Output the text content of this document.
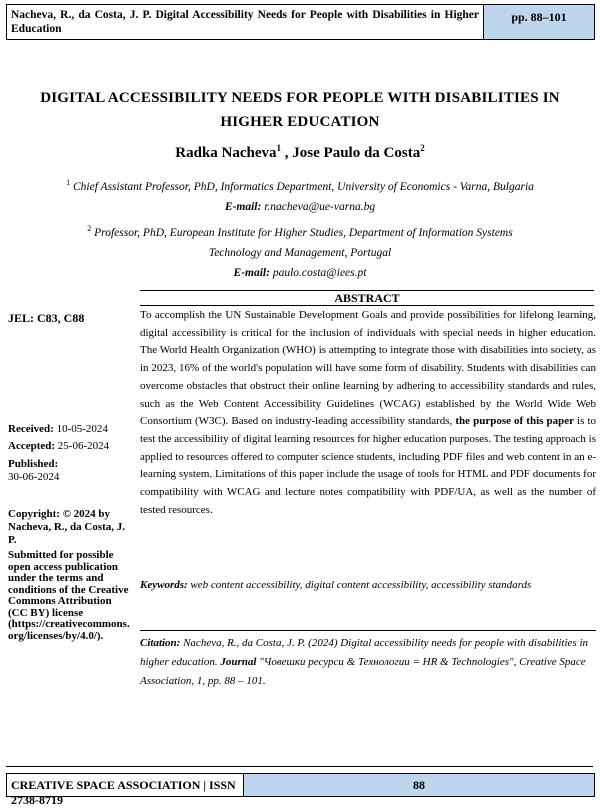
Nacheva, R., da Costa, J. P. Digital Accessibility Needs for People with Disabilities in Higher Education
pp. 88–101
DIGITAL ACCESSIBILITY NEEDS FOR PEOPLE WITH DISABILITIES IN HIGHER EDUCATION
Radka Nacheva$^1$ , Jose Paulo da Costa$^2$
$^1$ Chief Assistant Professor, PhD, Informatics Department, University of Economics - Varna, Bulgaria
E-mail: r.nacheva@ue-varna.bg
$^2$ Professor, PhD, European Institute for Higher Studies, Department of Information Systems
Technology and Management, Portugal
E-mail: paulo.costa@iees.pt
ABSTRACT
JEL: C83, C88
Received: 10-05-2024
Accepted: 25-06-2024
Published:
30-06-2024
Copyright: © 2024 by Nacheva, R., da Costa, J. P.
Submitted for possible open access publication under the terms and conditions of the Creative Commons Attribution (CC BY) license (https://creativecommons.org/licenses/by/4.0/).
To accomplish the UN Sustainable Development Goals and provide possibilities for lifelong learning, digital accessibility is critical for the inclusion of individuals with special needs in higher education. The World Health Organization (WHO) is attempting to integrate those with disabilities into society, as in 2023, 16% of the world's population will have some form of disability. Students with disabilities can overcome obstacles that obstruct their online learning by adhering to accessibility standards and rules, such as the Web Content Accessibility Guidelines (WCAG) established by the World Wide Web Consortium (W3C). Based on industry-leading accessibility standards, the purpose of this paper is to test the accessibility of digital learning resources for higher education purposes. The testing approach is applied to resources offered to computer science students, including PDF files and web content in an e-learning system. Limitations of this paper include the usage of tools for HTML and PDF documents for compatibility with WCAG and lecture notes compatibility with PDF/UA, as well as the number of tested resources.
Keywords: web content accessibility, digital content accessibility, accessibility standards
Citation: Nacheva, R., da Costa, J. P. (2024) Digital accessibility needs for people with disabilities in higher education. Journal "Човешки ресурси & Технологии = HR & Technologies", Creative Space Association, 1, pp. 88 – 101.
CREATIVE SPACE ASSOCIATION | ISSN 2738-8719
88
